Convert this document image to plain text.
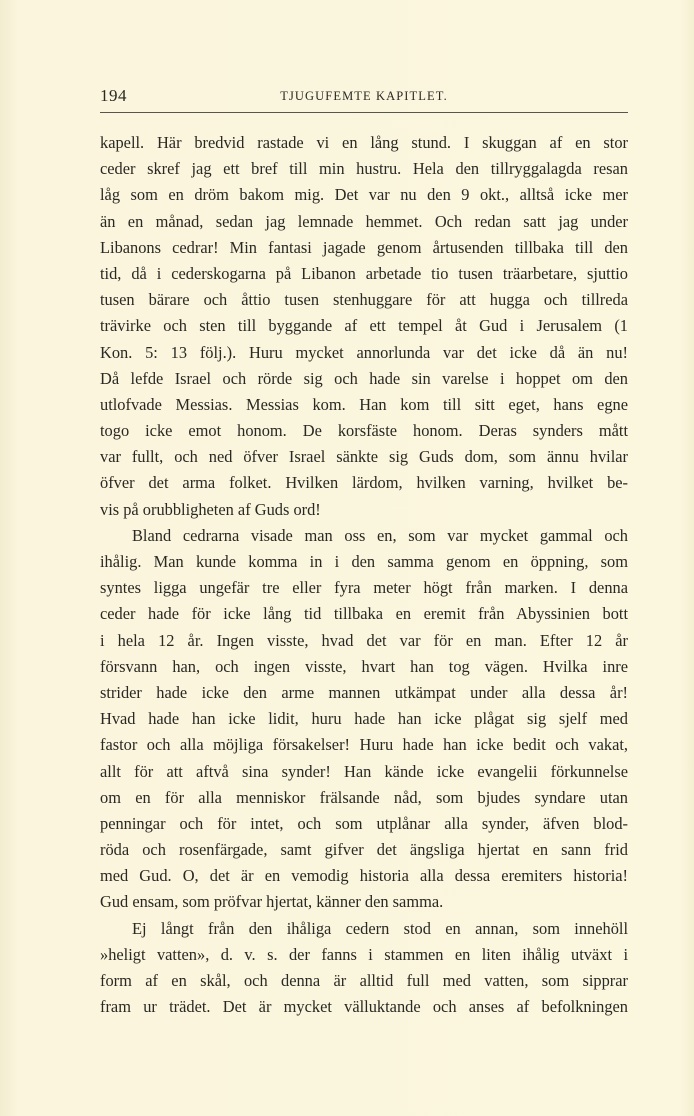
194	TJUGUFEMTE KAPITLET.
kapell. Här bredvid rastade vi en lång stund. I skuggan af en stor
ceder skref jag ett bref till min hustru. Hela den tillryggalagda resan
låg som en dröm bakom mig. Det var nu den 9 okt., alltså icke mer
än en månad, sedan jag lemnade hemmet. Och redan satt jag under
Libanons cedrar! Min fantasi jagade genom årtusenden tillbaka till den
tid, då i cederskogarna på Libanon arbetade tio tusen träarbetare, sjuttio
tusen bärare och åttio tusen stenhuggare för att hugga och tillreda
trävirke och sten till byggande af ett tempel åt Gud i Jerusalem (1
Kon. 5: 13 följ.). Huru mycket annorlunda var det icke då än nu!
Då lefde Israel och rörde sig och hade sin varelse i hoppet om den
utlofvade Messias. Messias kom. Han kom till sitt eget, hans egne
togo icke emot honom. De korsfäste honom. Deras synders mått
var fullt, och ned öfver Israel sänkte sig Guds dom, som ännu hvilar
öfver det arma folket. Hvilken lärdom, hvilken varning, hvilket be-
vis på orubbligheten af Guds ord!
Bland cedrarna visade man oss en, som var mycket gammal och
ihålig. Man kunde komma in i den samma genom en öppning, som
syntes ligga ungefär tre eller fyra meter högt från marken. I denna
ceder hade för icke lång tid tillbaka en eremit från Abyssinien bott
i hela 12 år. Ingen visste, hvad det var för en man. Efter 12 år
försvann han, och ingen visste, hvart han tog vägen. Hvilka inre
strider hade icke den arme mannen utkämpat under alla dessa år!
Hvad hade han icke lidit, huru hade han icke plågat sig sjelf med
fastor och alla möjliga försakelser! Huru hade han icke bedit och vakat,
allt för att aftvå sina synder! Han kände icke evangelii förkunnelse
om en för alla menniskor frälsande nåd, som bjudes syndare utan
penningar och för intet, och som utplånar alla synder, äfven blod-
röda och rosenfärgade, samt gifver det ängsliga hjertat en sann frid
med Gud. O, det är en vemodig historia alla dessa eremiters historia!
Gud ensam, som pröfvar hjertat, känner den samma.
Ej långt från den ihåliga cedern stod en annan, som innehöll
»heligt vatten», d. v. s. der fanns i stammen en liten ihålig utväxt i
form af en skål, och denna är alltid full med vatten, som sipprar
fram ur trädet. Det är mycket välluktande och anses af befolkningen
